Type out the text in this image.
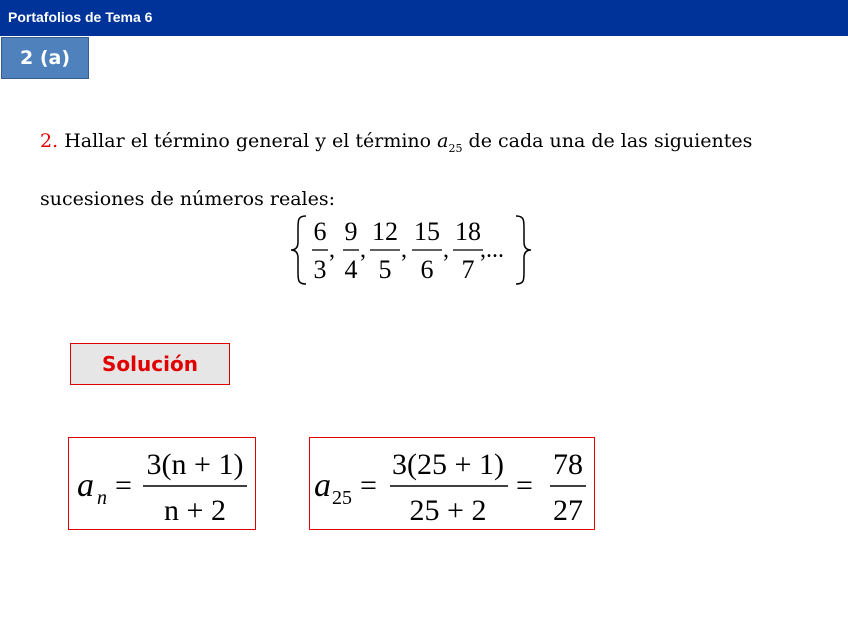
Portafolios de Tema 6
2 (a)
2. Hallar el término general y el término $a_{25}$ de cada una de las siguientes sucesiones de números reales:
6
3
,
9
4
,
12
5
,
15
6
,
18
7
,...
Solución
a n =
3(n + 1)
n + 2
a 25 =
3(25 + 1)
25 + 2
=
78
27
